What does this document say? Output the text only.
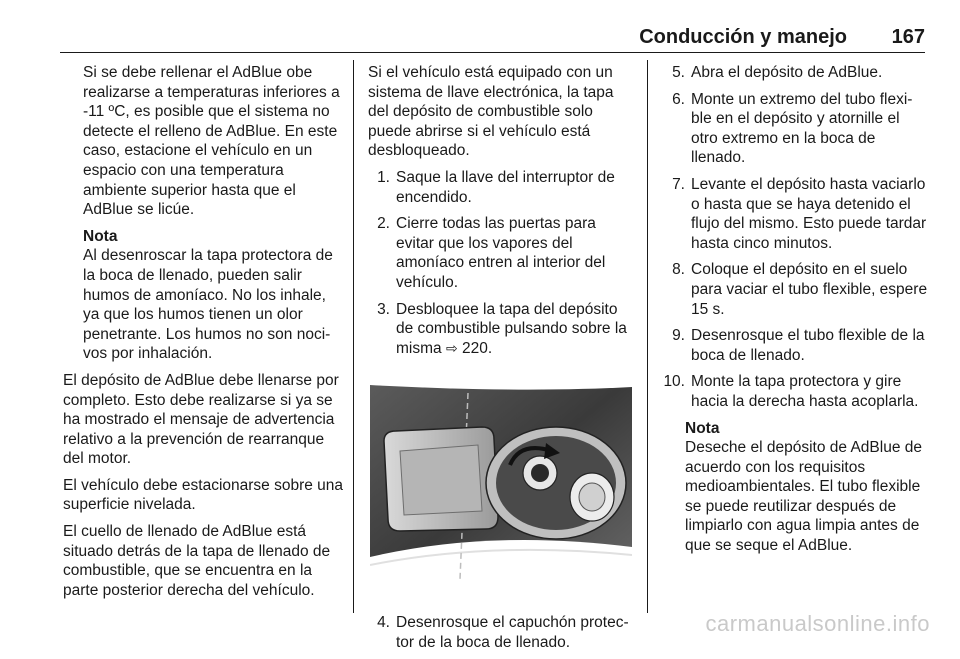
Conducción y manejo 167

Si se debe rellenar el AdBlue obe realizarse a temperaturas inferiores a -11 ºC, es posible que el sistema no detecte el relleno de AdBlue. En este caso, estacione el vehículo en un espacio con una temperatura ambiente superior hasta que el AdBlue se licúe.

Nota

Al desenroscar la tapa protectora de la boca de llenado, pueden salir humos de amoníaco. No los inhale, ya que los humos tienen un olor penetrante. Los humos no son noci‑ vos por inhalación.

El depósito de AdBlue debe llenarse por completo. Esto debe realizarse si ya se ha mostrado el mensaje de advertencia relativo a la prevención de rearranque del motor.

El vehículo debe estacionarse sobre una superficie nivelada.

El cuello de llenado de AdBlue está situado detrás de la tapa de llenado de combustible, que se encuentra en la parte posterior derecha del vehículo.

Si el vehículo está equipado con un sistema de llave electrónica, la tapa del depósito de combustible solo puede abrirse si el vehículo está desbloqueado.

1. Saque la llave del interruptor de encendido.
2. Cierre todas las puertas para evitar que los vapores del amoníaco entren al interior del vehículo.
3. Desbloquee la tapa del depósito de combustible pulsando sobre la misma ⇨ 220.
4. Desenrosque el capuchón protec‑ tor de la boca de llenado.
5. Abra el depósito de AdBlue.
6. Monte un extremo del tubo flexi‑ ble en el depósito y atornille el otro extremo en la boca de llenado.
7. Levante el depósito hasta vaciarlo o hasta que se haya detenido el flujo del mismo. Esto puede tardar hasta cinco minutos.
8. Coloque el depósito en el suelo para vaciar el tubo flexible, espere 15 s.
9. Desenrosque el tubo flexible de la boca de llenado.
10. Monte la tapa protectora y gire hacia la derecha hasta acoplarla.

Nota

Deseche el depósito de AdBlue de acuerdo con los requisitos medioambientales. El tubo flexible se puede reutilizar después de limpiarlo con agua limpia antes de que se seque el AdBlue.

carmanualsonline.info
